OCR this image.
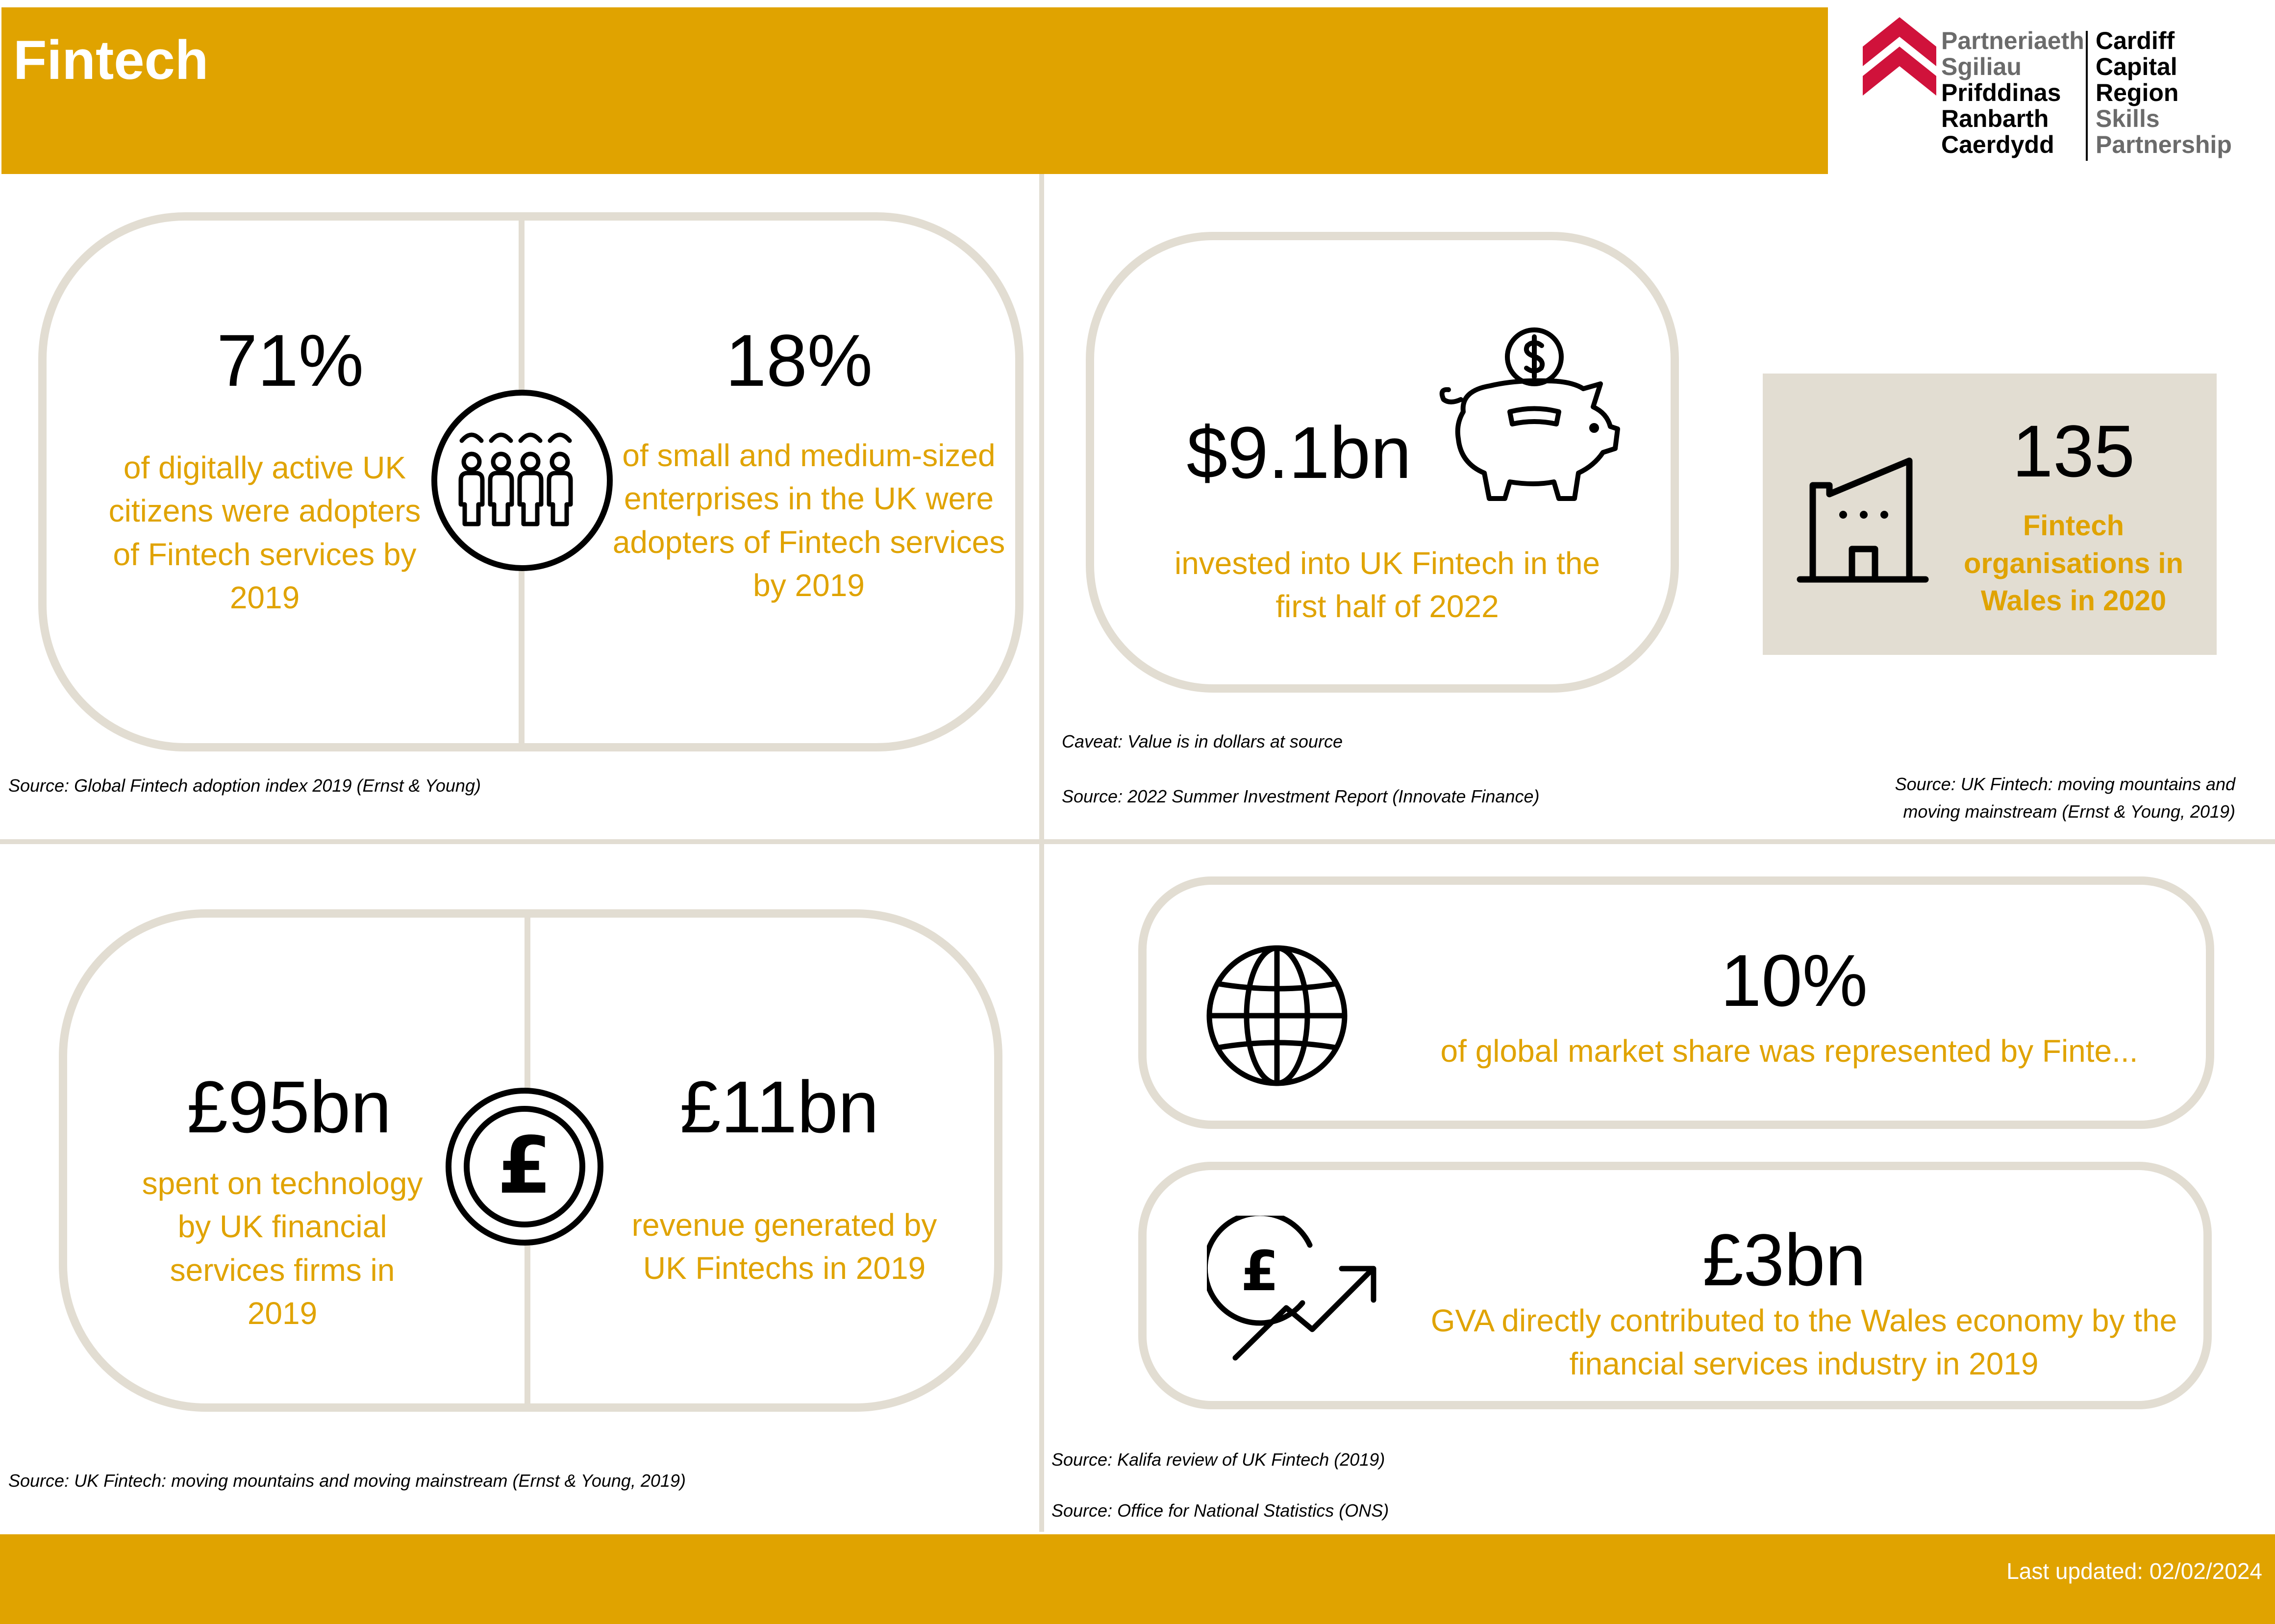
Fintech	Partneriaeth
Sgiliau
Prifddinas
Ranbarth
Caerdydd
Cardiff
Capital
Region
Skills
Partnership
71%
of digitally active UK citizens were adopters of Fintech services by 2019
18%
of small and medium-sized enterprises in the UK were adopters of Fintech services by 2019
Source: Global Fintech adoption index 2019 (Ernst & Young)
$9.1bn
invested into UK Fintech in the first half of 2022
135
Fintech organisations in Wales in 2020
Caveat: Value is in dollars at source
Source: 2022 Summer Investment Report (Innovate Finance)
Source: UK Fintech: moving mountains and moving mainstream (Ernst & Young, 2019)
£95bn
spent on technology by UK financial services firms in 2019
£11bn
revenue generated by UK Fintechs in 2019
£
Source: UK Fintech: moving mountains and moving mainstream (Ernst & Young, 2019)
10%
of global market share was represented by Finte...
£	£3bn
GVA directly contributed to the Wales economy by the financial services industry in 2019
Source: Kalifa review of UK Fintech (2019)
Source: Office for National Statistics (ONS)
Last updated: 02/02/2024
